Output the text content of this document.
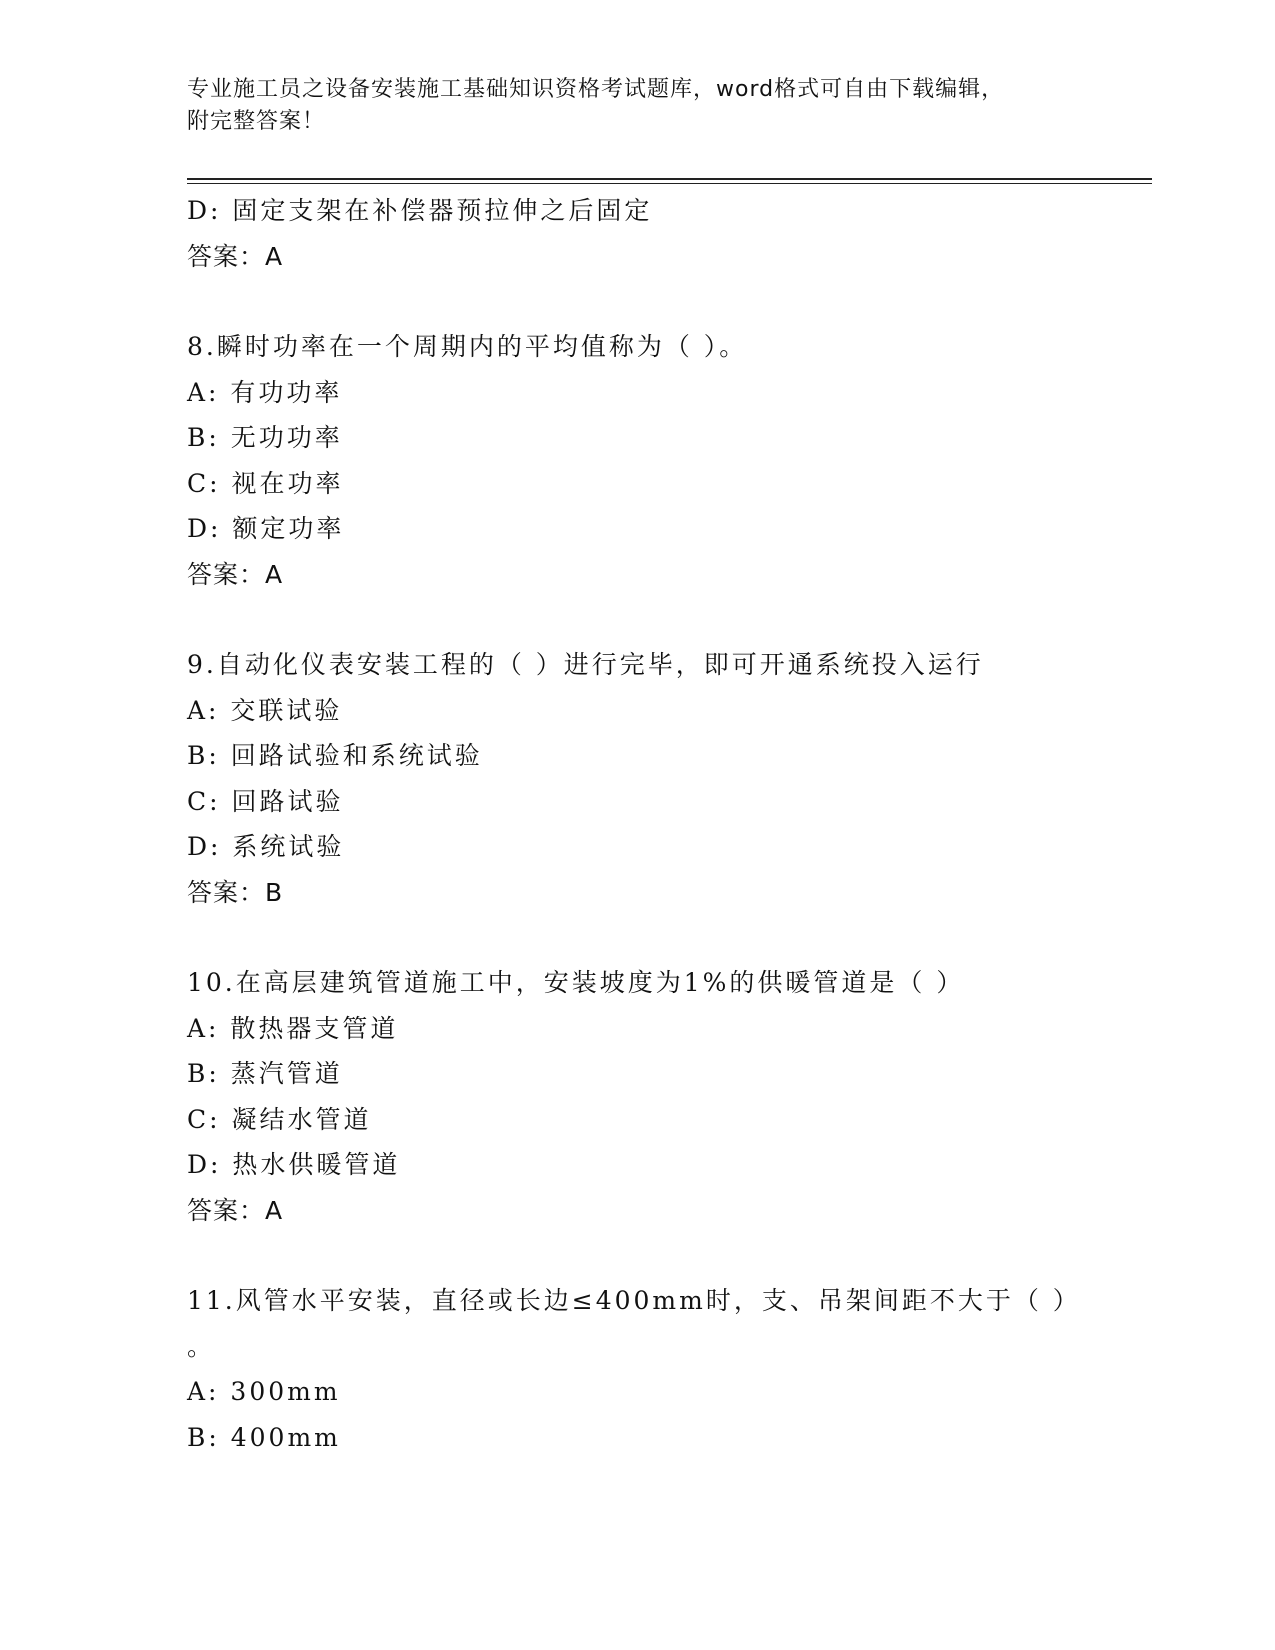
专业施工员之设备安装施工基础知识资格考试题库，word格式可自由下载编辑，
附完整答案！
D: 固定支架在补偿器预拉伸之后固定
答案：A
8.瞬时功率在一个周期内的平均值称为（ ）。
A: 有功功率
B: 无功功率
C: 视在功率
D: 额定功率
答案：A
9.自动化仪表安装工程的（ ）进行完毕，即可开通系统投入运行
A: 交联试验
B: 回路试验和系统试验
C: 回路试验
D: 系统试验
答案：B
10.在高层建筑管道施工中，安装坡度为1%的供暖管道是（ ）
A: 散热器支管道
B: 蒸汽管道
C: 凝结水管道
D: 热水供暖管道
答案：A
11.风管水平安装，直径或长边≤400mm时，支、吊架间距不大于（ ）
。
A: 300mm
B: 400mm
